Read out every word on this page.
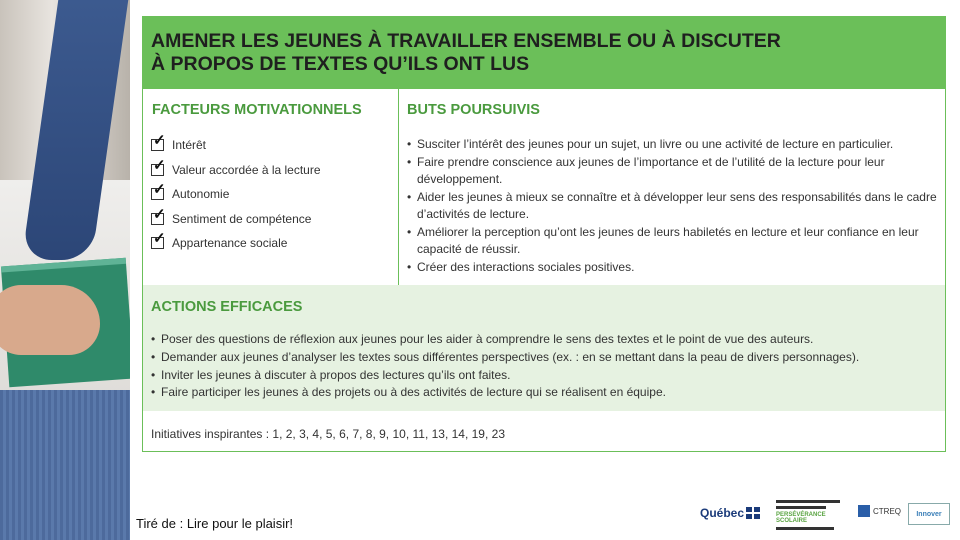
AMENER LES JEUNES À TRAVAILLER ENSEMBLE OU À DISCUTER
À PROPOS DE TEXTES QU’ILS ONT LUS
FACTEURS MOTIVATIONNELS
✓
Intérêt
✓
Valeur accordée à la lecture
✓
Autonomie
✓
Sentiment de compétence
✓
Appartenance sociale
BUTS POURSUIVIS
• Susciter l’intérêt des jeunes pour un sujet, un livre ou une activité de lecture en particulier.
• Faire prendre conscience aux jeunes de l’importance et de l’utilité de la lecture pour leur développement.
• Aider les jeunes à mieux se connaître et à développer leur sens des responsabilités dans le cadre d’activités de lecture.
• Améliorer la perception qu’ont les jeunes de leurs habiletés en lecture et leur confiance en leur capacité de réussir.
• Créer des interactions sociales positives.
ACTIONS EFFICACES
• Poser des questions de réflexion aux jeunes pour les aider à comprendre le sens des textes et le point de vue des auteurs.
• Demander aux jeunes d’analyser les textes sous différentes perspectives (ex. : en se mettant dans la peau de divers personnages).
• Inviter les jeunes à discuter à propos des lectures qu’ils ont faites.
• Faire participer les jeunes à des projets ou à des activités de lecture qui se réalisent en équipe.
Initiatives inspirantes : 1, 2, 3, 4, 5, 6, 7, 8, 9, 10, 11, 13, 14, 19, 23
Tiré de : Lire pour le plaisir!
Québec	PERSÉVÉRANCE SCOLAIRE
CTREQ Innover
